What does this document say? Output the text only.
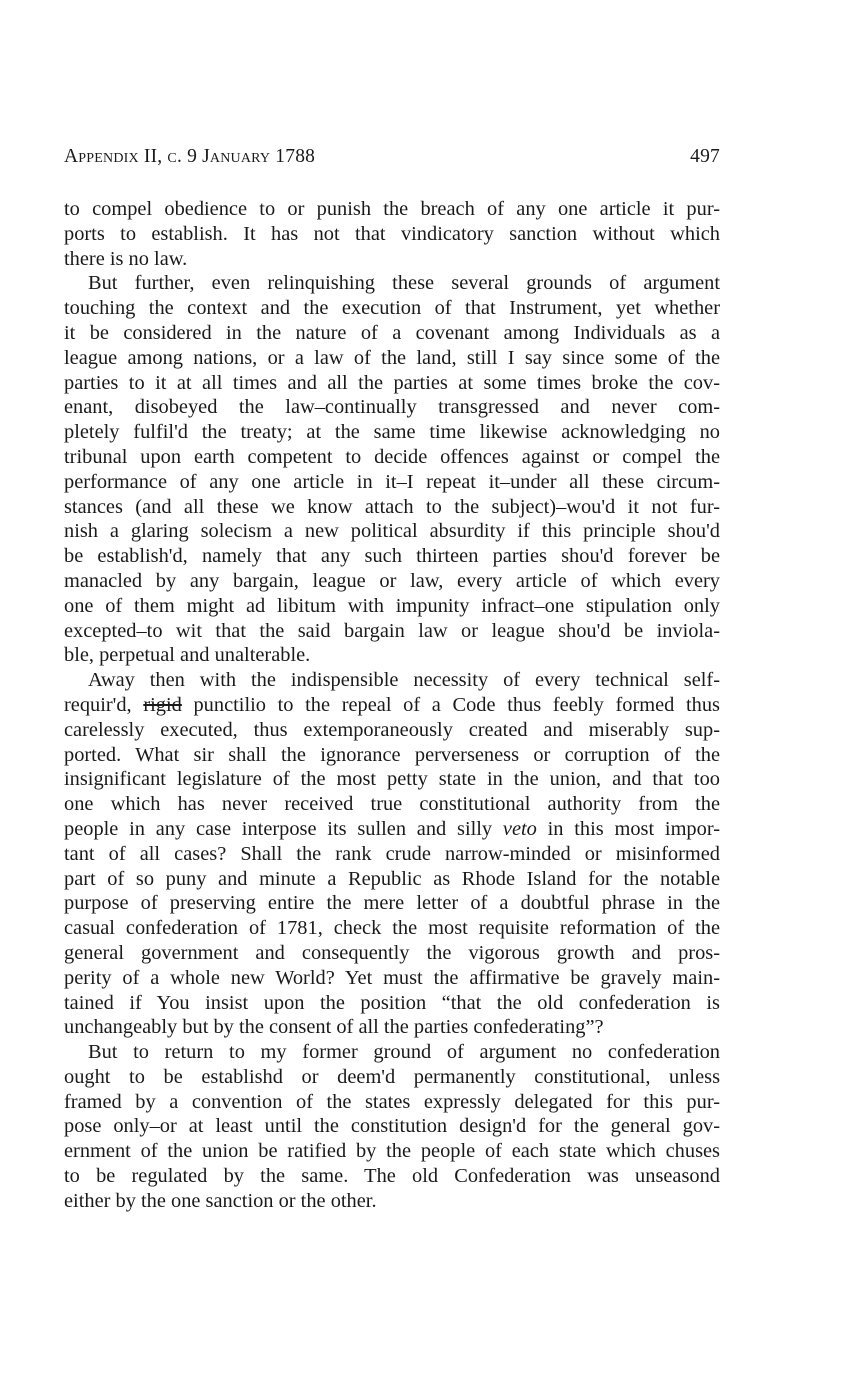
Appendix II, c. 9 January 1788	497
to compel obedience to or punish the breach of any one article it pur-
ports to establish. It has not that vindicatory sanction without which
there is no law.
But further, even relinquishing these several grounds of argument
touching the context and the execution of that Instrument, yet whether
it be considered in the nature of a covenant among Individuals as a
league among nations, or a law of the land, still I say since some of the
parties to it at all times and all the parties at some times broke the cov-
enant, disobeyed the law–continually transgressed and never com-
pletely fulfil'd the treaty; at the same time likewise acknowledging no
tribunal upon earth competent to decide offences against or compel the
performance of any one article in it–I repeat it–under all these circum-
stances (and all these we know attach to the subject)–wou'd it not fur-
nish a glaring solecism a new political absurdity if this principle shou'd
be establish'd, namely that any such thirteen parties shou'd forever be
manacled by any bargain, league or law, every article of which every
one of them might ad libitum with impunity infract–one stipulation only
excepted–to wit that the said bargain law or league shou'd be inviola-
ble, perpetual and unalterable.
Away then with the indispensible necessity of every technical self-
requir'd, rigid punctilio to the repeal of a Code thus feebly formed thus
carelessly executed, thus extemporaneously created and miserably sup-
ported. What sir shall the ignorance perverseness or corruption of the
insignificant legislature of the most petty state in the union, and that too
one which has never received true constitutional authority from the
people in any case interpose its sullen and silly veto in this most impor-
tant of all cases? Shall the rank crude narrow-minded or misinformed
part of so puny and minute a Republic as Rhode Island for the notable
purpose of preserving entire the mere letter of a doubtful phrase in the
casual confederation of 1781, check the most requisite reformation of the
general government and consequently the vigorous growth and pros-
perity of a whole new World? Yet must the affirmative be gravely main-
tained if You insist upon the position “that the old confederation is
unchangeably but by the consent of all the parties confederating”?
But to return to my former ground of argument no confederation
ought to be establishd or deem'd permanently constitutional, unless
framed by a convention of the states expressly delegated for this pur-
pose only–or at least until the constitution design'd for the general gov-
ernment of the union be ratified by the people of each state which chuses
to be regulated by the same. The old Confederation was unseasond
either by the one sanction or the other.
